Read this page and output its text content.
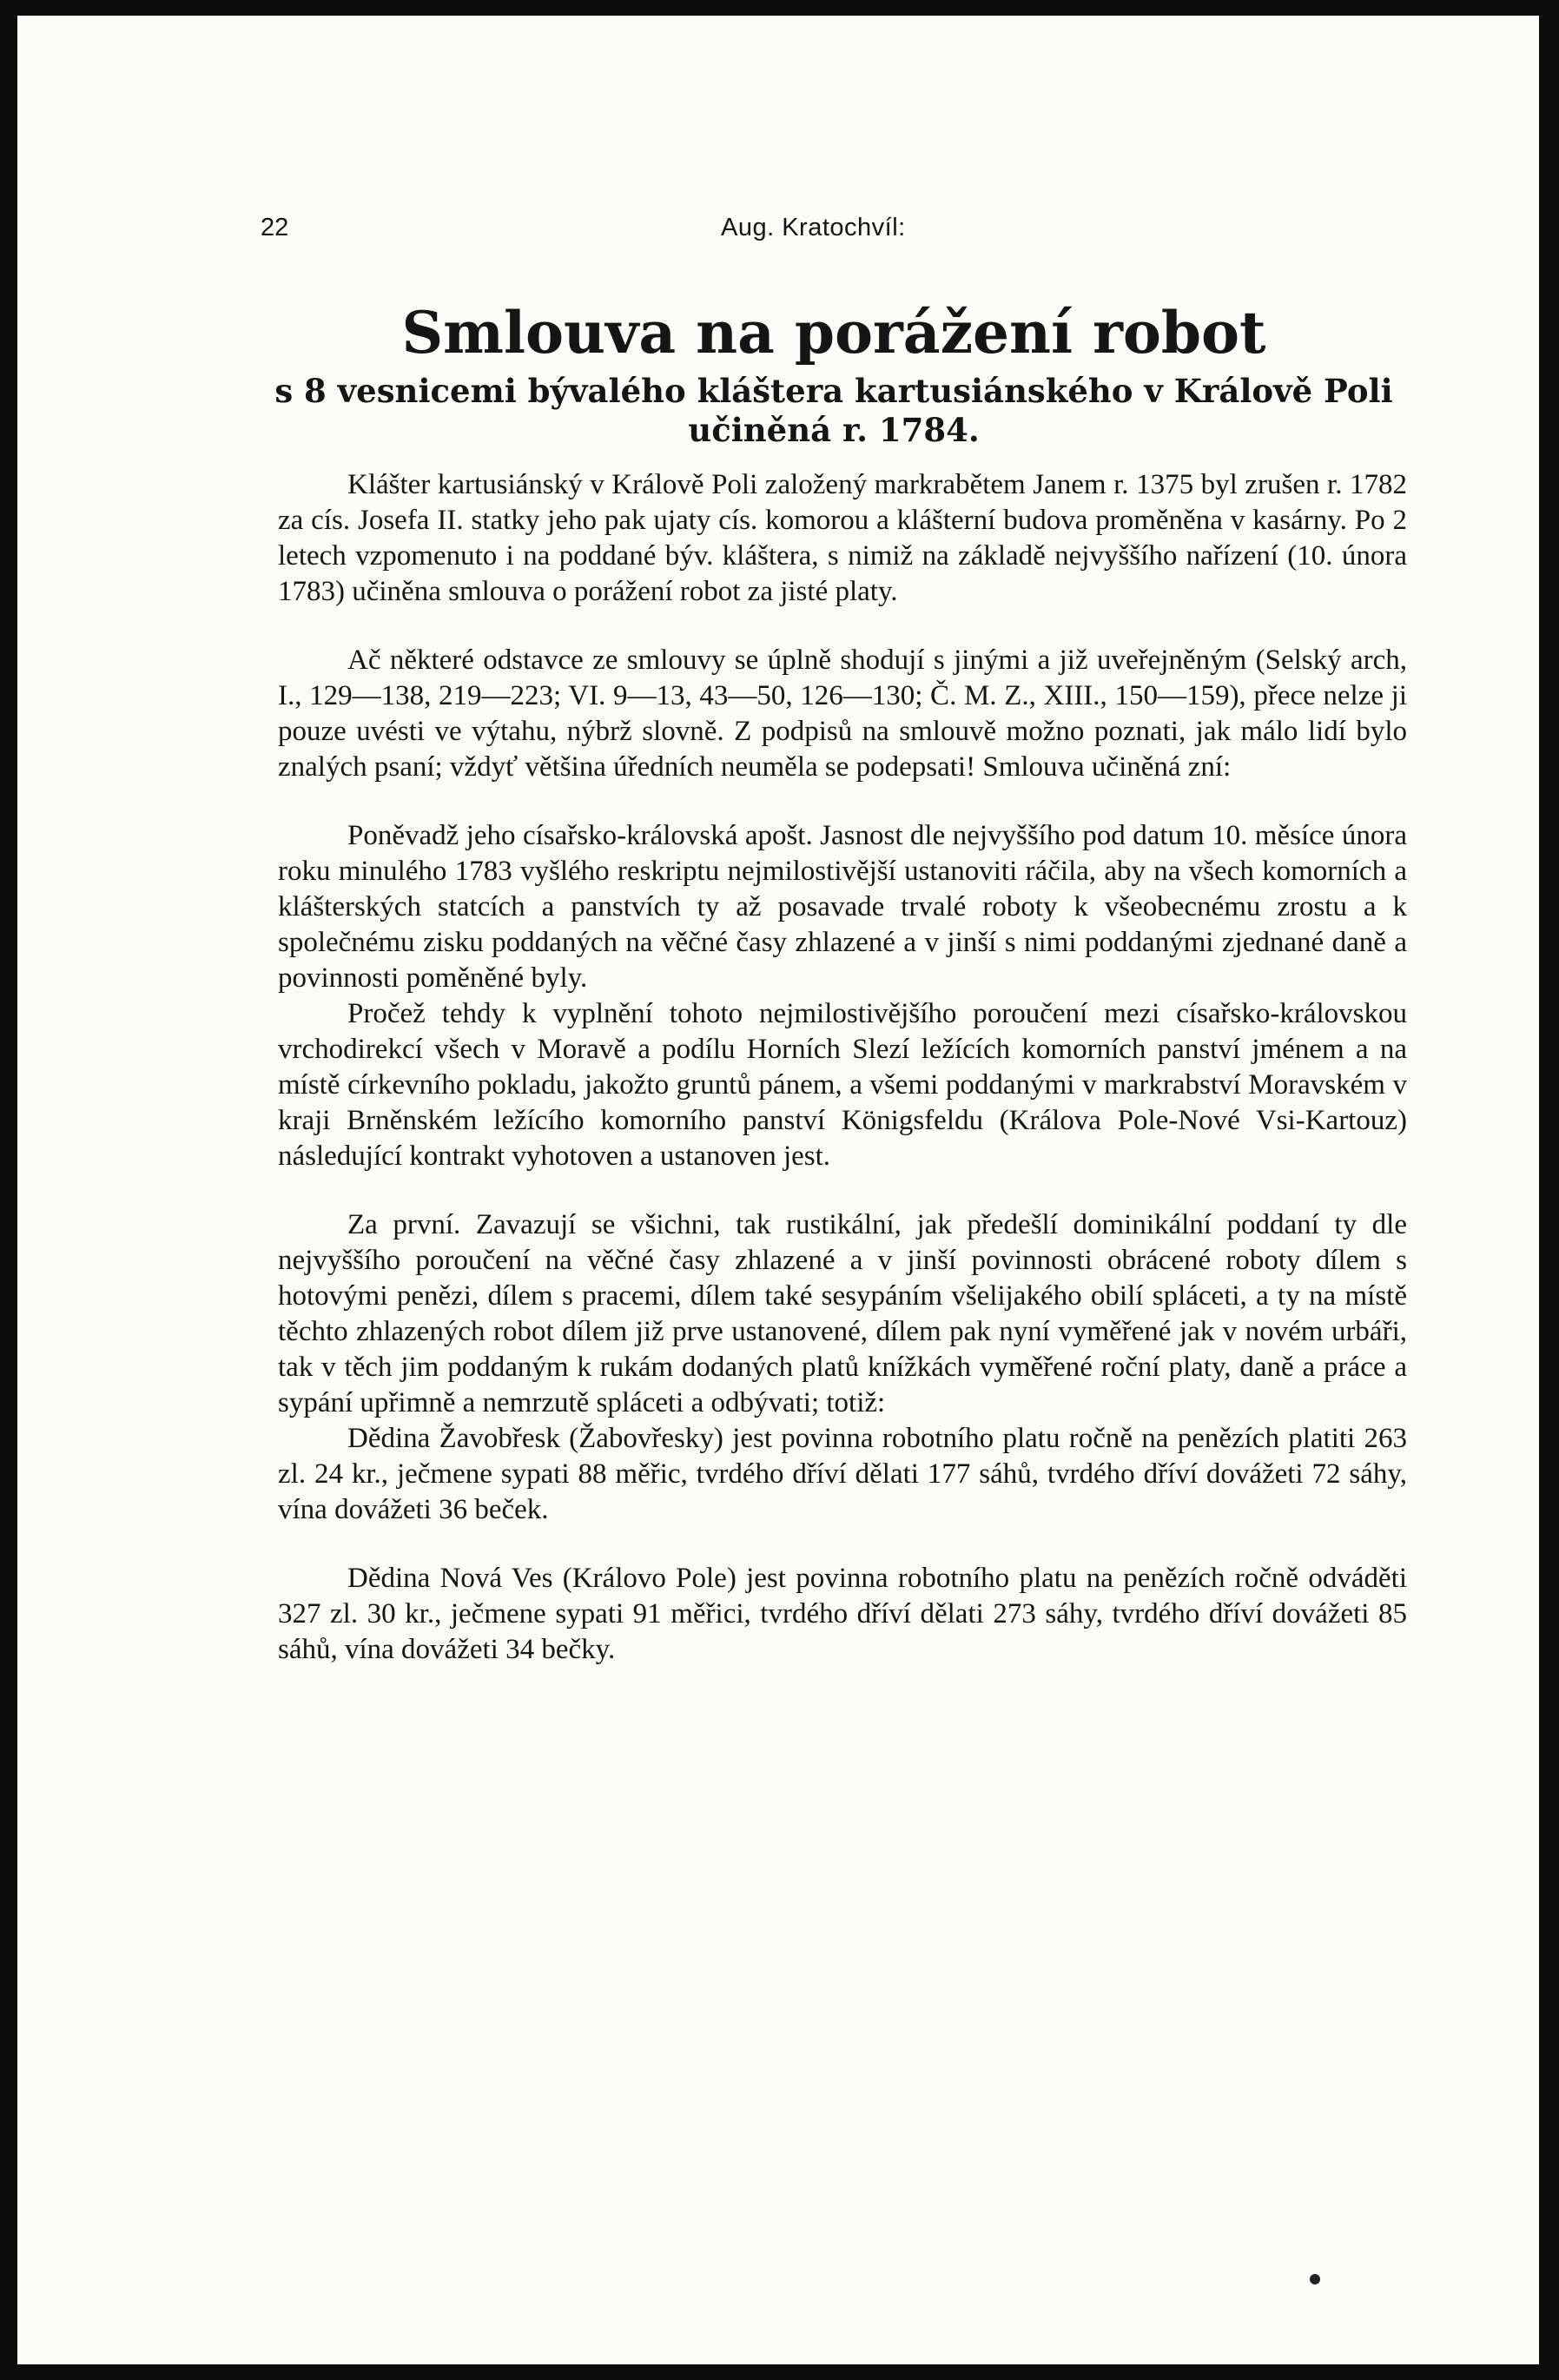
22	Aug. Kratochvíl:
Smlouva na porážení robot
s 8 vesnicemi bývalého kláštera kartusiánského v Králově Poli učiněná r. 1784.

Klášter kartusiánský v Králově Poli založený markrabětem Janem r. 1375 byl zrušen r. 1782 za cís. Josefa II. statky jeho pak ujaty cís. komorou a klášterní budova proměněna v kasárny. Po 2 letech vzpomenuto i na poddané býv. kláštera, s nimiž na základě nejvyššího nařízení (10. února 1783) učiněna smlouva o porážení robot za jisté platy.

Ač některé odstavce ze smlouvy se úplně shodují s jinými a již uveřejněným (Selský arch, I., 129—138, 219—223; VI. 9—13, 43—50, 126—130; Č. M. Z., XIII., 150—159), přece nelze ji pouze uvésti ve výtahu, nýbrž slovně. Z podpisů na smlouvě možno poznati, jak málo lidí bylo znalých psaní; vždyť většina úředních neuměla se podepsati! Smlouva učiněná zní:

Poněvadž jeho císařsko-královská apošt. Jasnost dle nejvyššího pod datum 10. měsíce února roku minulého 1783 vyšlého reskriptu nejmilostivější ustanoviti ráčila, aby na všech komorních a klášterských statcích a panstvích ty až posavade trvalé roboty k všeobecnému zrostu a k společnému zisku poddaných na věčné časy zhlazené a v jinší s nimi poddanými zjednané daně a povinnosti poměněné byly.

Pročež tehdy k vyplnění tohoto nejmilostivějšího poroučení mezi císařsko-královskou vrchodirekcí všech v Moravě a podílu Horních Slezí ležících komorních panství jménem a na místě církevního pokladu, jakožto gruntů pánem, a všemi poddanými v markrabství Moravském v kraji Brněnském ležícího komorního panství Königsfeldu (Králova Pole-Nové Vsi-Kartouz) následující kontrakt vyhotoven a ustanoven jest.

Za první. Zavazují se všichni, tak rustikální, jak předešlí dominikální poddaní ty dle nejvyššího poroučení na věčné časy zhlazené a v jinší povinnosti obrácené roboty dílem s hotovými penězi, dílem s pracemi, dílem také sesypáním všelijakého obilí spláceti, a ty na místě těchto zhlazených robot dílem již prve ustanovené, dílem pak nyní vyměřené jak v novém urbáři, tak v těch jim poddaným k rukám dodaných platů knížkách vyměřené roční platy, daně a práce a sypání upřimně a nemrzutě spláceti a odbývati; totiž:

Dědina Žavobřesk (Žabovřesky) jest povinna robotního platu ročně na penězích platiti 263 zl. 24 kr., ječmene sypati 88 měřic, tvrdého dříví dělati 177 sáhů, tvrdého dříví dovážeti 72 sáhy, vína dovážeti 36 beček.

Dědina Nová Ves (Královo Pole) jest povinna robotního platu na penězích ročně odváděti 327 zl. 30 kr., ječmene sypati 91 měřici, tvrdého dříví dělati 273 sáhy, tvrdého dříví dovážeti 85 sáhů, vína dovážeti 34 bečky.
